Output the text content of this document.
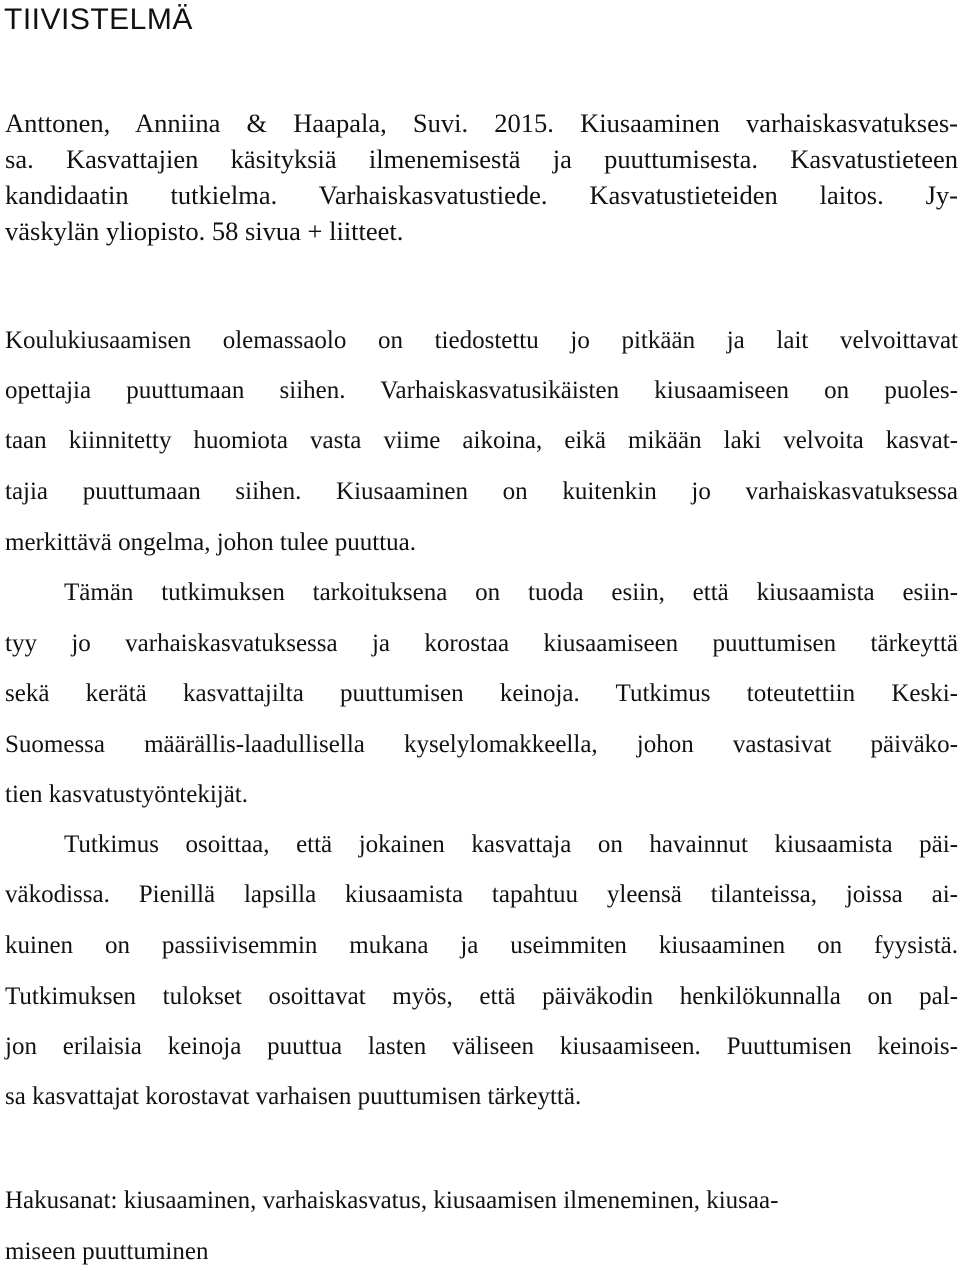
TIIVISTELMÄ
Anttonen, Anniina & Haapala, Suvi. 2015. Kiusaaminen varhaiskasvatukses-
sa. Kasvattajien käsityksiä ilmenemisestä ja puuttumisesta. Kasvatustieteen
kandidaatin tutkielma. Varhaiskasvatustiede. Kasvatustieteiden laitos. Jy-
väskylän yliopisto. 58 sivua + liitteet.
Koulukiusaamisen olemassaolo on tiedostettu jo pitkään ja lait velvoittavat
opettajia puuttumaan siihen. Varhaiskasvatusikäisten kiusaamiseen on puoles-
taan kiinnitetty huomiota vasta viime aikoina, eikä mikään laki velvoita kasvat-
tajia puuttumaan siihen. Kiusaaminen on kuitenkin jo varhaiskasvatuksessa
merkittävä ongelma, johon tulee puuttua.
Tämän tutkimuksen tarkoituksena on tuoda esiin, että kiusaamista esiin-
tyy jo varhaiskasvatuksessa ja korostaa kiusaamiseen puuttumisen tärkeyttä
sekä kerätä kasvattajilta puuttumisen keinoja. Tutkimus toteutettiin Keski-
Suomessa määrällis-laadullisella kyselylomakkeella, johon vastasivat päiväko-
tien kasvatustyöntekijät.
Tutkimus osoittaa, että jokainen kasvattaja on havainnut kiusaamista päi-
väkodissa. Pienillä lapsilla kiusaamista tapahtuu yleensä tilanteissa, joissa ai-
kuinen on passiivisemmin mukana ja useimmiten kiusaaminen on fyysistä.
Tutkimuksen tulokset osoittavat myös, että päiväkodin henkilökunnalla on pal-
jon erilaisia keinoja puuttua lasten väliseen kiusaamiseen. Puuttumisen keinois-
sa kasvattajat korostavat varhaisen puuttumisen tärkeyttä.
Hakusanat: kiusaaminen, varhaiskasvatus, kiusaamisen ilmeneminen, kiusaa-
miseen puuttuminen
